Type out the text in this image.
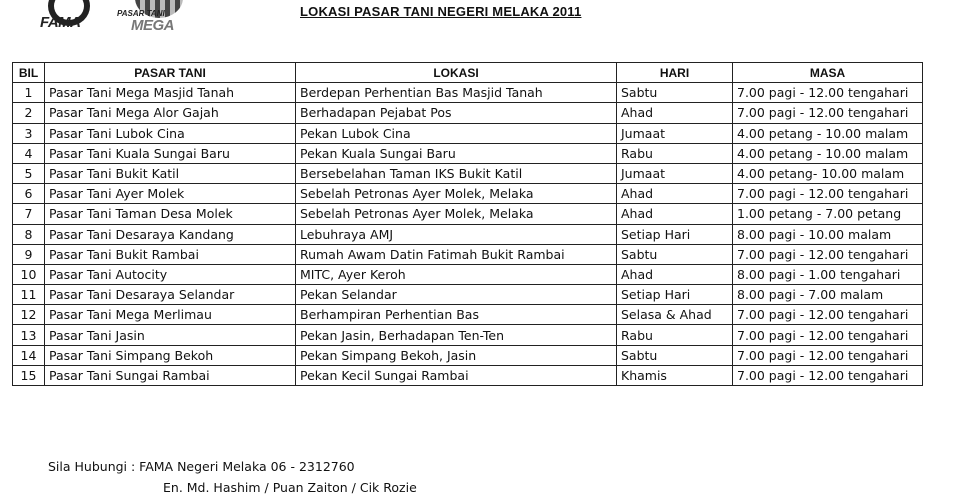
FAMA
PASAR TANI
MEGA
LOKASI PASAR TANI NEGERI MELAKA 2011
BIL	PASAR TANI	LOKASI	HARI	MASA
1	Pasar Tani Mega Masjid Tanah	Berdepan Perhentian Bas Masjid Tanah	Sabtu	7.00 pagi - 12.00 tengahari
2	Pasar Tani Mega Alor Gajah	Berhadapan Pejabat Pos	Ahad	7.00 pagi - 12.00 tengahari
3	Pasar Tani Lubok Cina	Pekan Lubok Cina	Jumaat	4.00 petang - 10.00 malam
4	Pasar Tani Kuala Sungai Baru	Pekan Kuala Sungai Baru	Rabu	4.00 petang - 10.00 malam
5	Pasar Tani Bukit Katil	Bersebelahan Taman IKS Bukit Katil	Jumaat	4.00 petang- 10.00 malam
6	Pasar Tani Ayer Molek	Sebelah Petronas Ayer Molek, Melaka	Ahad	7.00 pagi - 12.00 tengahari
7	Pasar Tani Taman Desa Molek	Sebelah Petronas Ayer Molek, Melaka	Ahad	1.00 petang - 7.00 petang
8	Pasar Tani Desaraya Kandang	Lebuhraya AMJ	Setiap Hari	8.00 pagi - 10.00 malam
9	Pasar Tani Bukit Rambai	Rumah Awam Datin Fatimah Bukit Rambai	Sabtu	7.00 pagi - 12.00 tengahari
10	Pasar Tani Autocity	MITC, Ayer Keroh	Ahad	8.00 pagi - 1.00 tengahari
11	Pasar Tani Desaraya Selandar	Pekan Selandar	Setiap Hari	8.00 pagi - 7.00 malam
12	Pasar Tani Mega Merlimau	Berhampiran Perhentian Bas	Selasa & Ahad	7.00 pagi - 12.00 tengahari
13	Pasar Tani Jasin	Pekan Jasin, Berhadapan Ten-Ten	Rabu	7.00 pagi - 12.00 tengahari
14	Pasar Tani Simpang Bekoh	Pekan Simpang Bekoh, Jasin	Sabtu	7.00 pagi - 12.00 tengahari
15	Pasar Tani Sungai Rambai	Pekan Kecil Sungai Rambai	Khamis	7.00 pagi - 12.00 tengahari
Sila Hubungi : FAMA Negeri Melaka 06 - 2312760
En. Md. Hashim / Puan Zaiton / Cik Rozie
